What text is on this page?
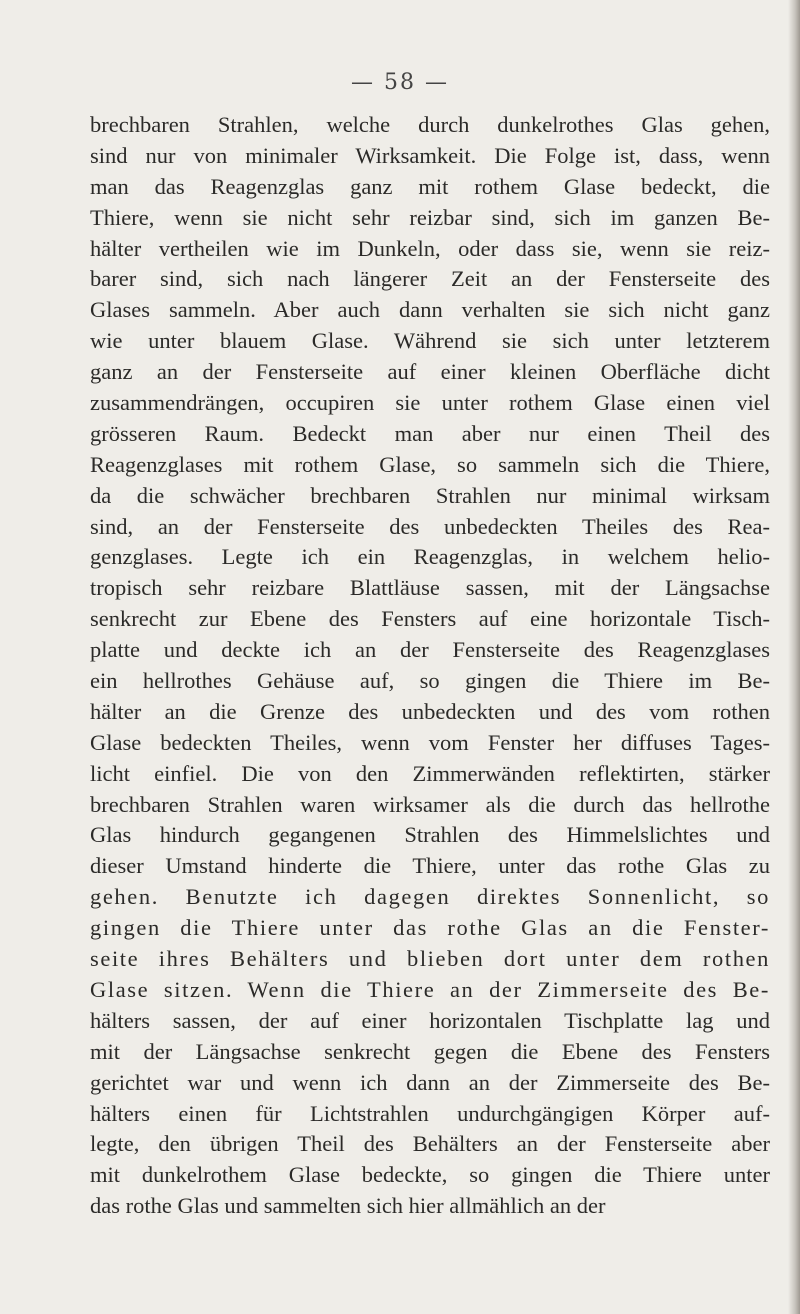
— 58 —
brechbaren Strahlen, welche durch dunkelrothes Glas gehen,
sind nur von minimaler Wirksamkeit. Die Folge ist, dass, wenn
man das Reagenzglas ganz mit rothem Glase bedeckt, die
Thiere, wenn sie nicht sehr reizbar sind, sich im ganzen Be-
hälter vertheilen wie im Dunkeln, oder dass sie, wenn sie reiz-
barer sind, sich nach längerer Zeit an der Fensterseite des
Glases sammeln. Aber auch dann verhalten sie sich nicht ganz
wie unter blauem Glase. Während sie sich unter letzterem
ganz an der Fensterseite auf einer kleinen Oberfläche dicht
zusammendrängen, occupiren sie unter rothem Glase einen viel
grösseren Raum. Bedeckt man aber nur einen Theil des
Reagenzglases mit rothem Glase, so sammeln sich die Thiere,
da die schwächer brechbaren Strahlen nur minimal wirksam
sind, an der Fensterseite des unbedeckten Theiles des Rea-
genzglases. Legte ich ein Reagenzglas, in welchem helio-
tropisch sehr reizbare Blattläuse sassen, mit der Längsachse
senkrecht zur Ebene des Fensters auf eine horizontale Tisch-
platte und deckte ich an der Fensterseite des Reagenzglases
ein hellrothes Gehäuse auf, so gingen die Thiere im Be-
hälter an die Grenze des unbedeckten und des vom rothen
Glase bedeckten Theiles, wenn vom Fenster her diffuses Tages-
licht einfiel. Die von den Zimmerwänden reflektirten, stärker
brechbaren Strahlen waren wirksamer als die durch das hellrothe
Glas hindurch gegangenen Strahlen des Himmelslichtes und
dieser Umstand hinderte die Thiere, unter das rothe Glas zu
gehen. Benutzte ich dagegen direktes Sonnenlicht, so
gingen die Thiere unter das rothe Glas an die Fenster-
seite ihres Behälters und blieben dort unter dem rothen
Glase sitzen. Wenn die Thiere an der Zimmerseite des Be-
hälters sassen, der auf einer horizontalen Tischplatte lag und
mit der Längsachse senkrecht gegen die Ebene des Fensters
gerichtet war und wenn ich dann an der Zimmerseite des Be-
hälters einen für Lichtstrahlen undurchgängigen Körper auf-
legte, den übrigen Theil des Behälters an der Fensterseite aber
mit dunkelrothem Glase bedeckte, so gingen die Thiere unter
das rothe Glas und sammelten sich hier allmählich an der
